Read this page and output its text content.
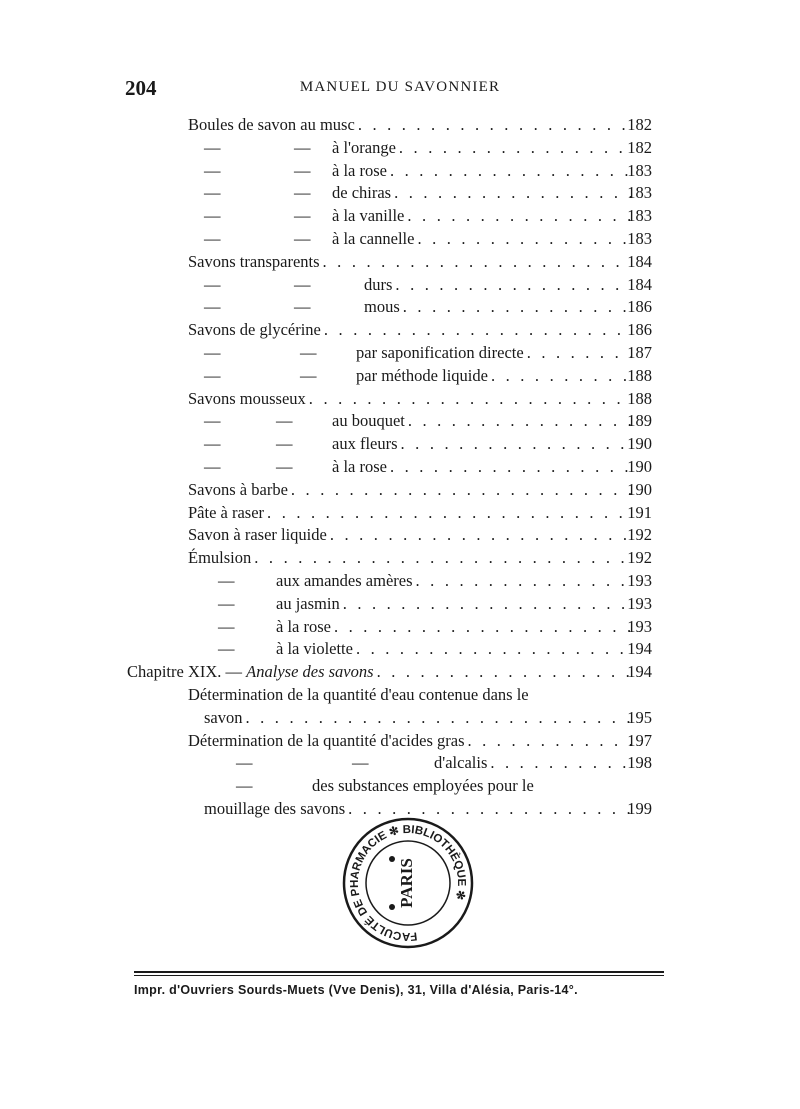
204	MANUEL DU SAVONNIER
Boules de savon au musc . . .	182
—	— à l'orange . . .	182
—	— à la rose . . .	183
—	— de chiras . . .	183
—	— à la vanille . . .	183
—	— à la cannelle . . .	183
Savons transparents . . .	184
—	—	durs . . .	184
—	—	mous . . .	186
Savons de glycérine . . .	186
—	— par saponification directe . . .	187
—	— par méthode liquide . . .	188
Savons mousseux . . .	188
—	— au bouquet . . .	189
—	— aux fleurs . . .	190
—	— à la rose . . .	190
Savons à barbe . . .	190
Pâte à raser . . .	191
Savon à raser liquide . . .	192
Émulsion . . .	192
—	aux amandes amères . . .	193
—	au jasmin . . .	193
—	à la rose . . .	193
—	à la violette . . .	194
Chapitre XIX. — Analyse des savons . . .	194
Détermination de la quantité d'eau contenue dans le
savon . . .	195
Détermination de la quantité d'acides gras . . .	197
—	—	d'alcalis . . .	198
—	des substances employées pour le
mouillage des savons . . .	199
FACULTÉ DE PHARMACIE ✻ BIBLIOTHÈQUE ✻
PARIS
Impr. d'Ouvriers Sourds-Muets (Vve Denis), 31, Villa d'Alésia, Paris-14°.
